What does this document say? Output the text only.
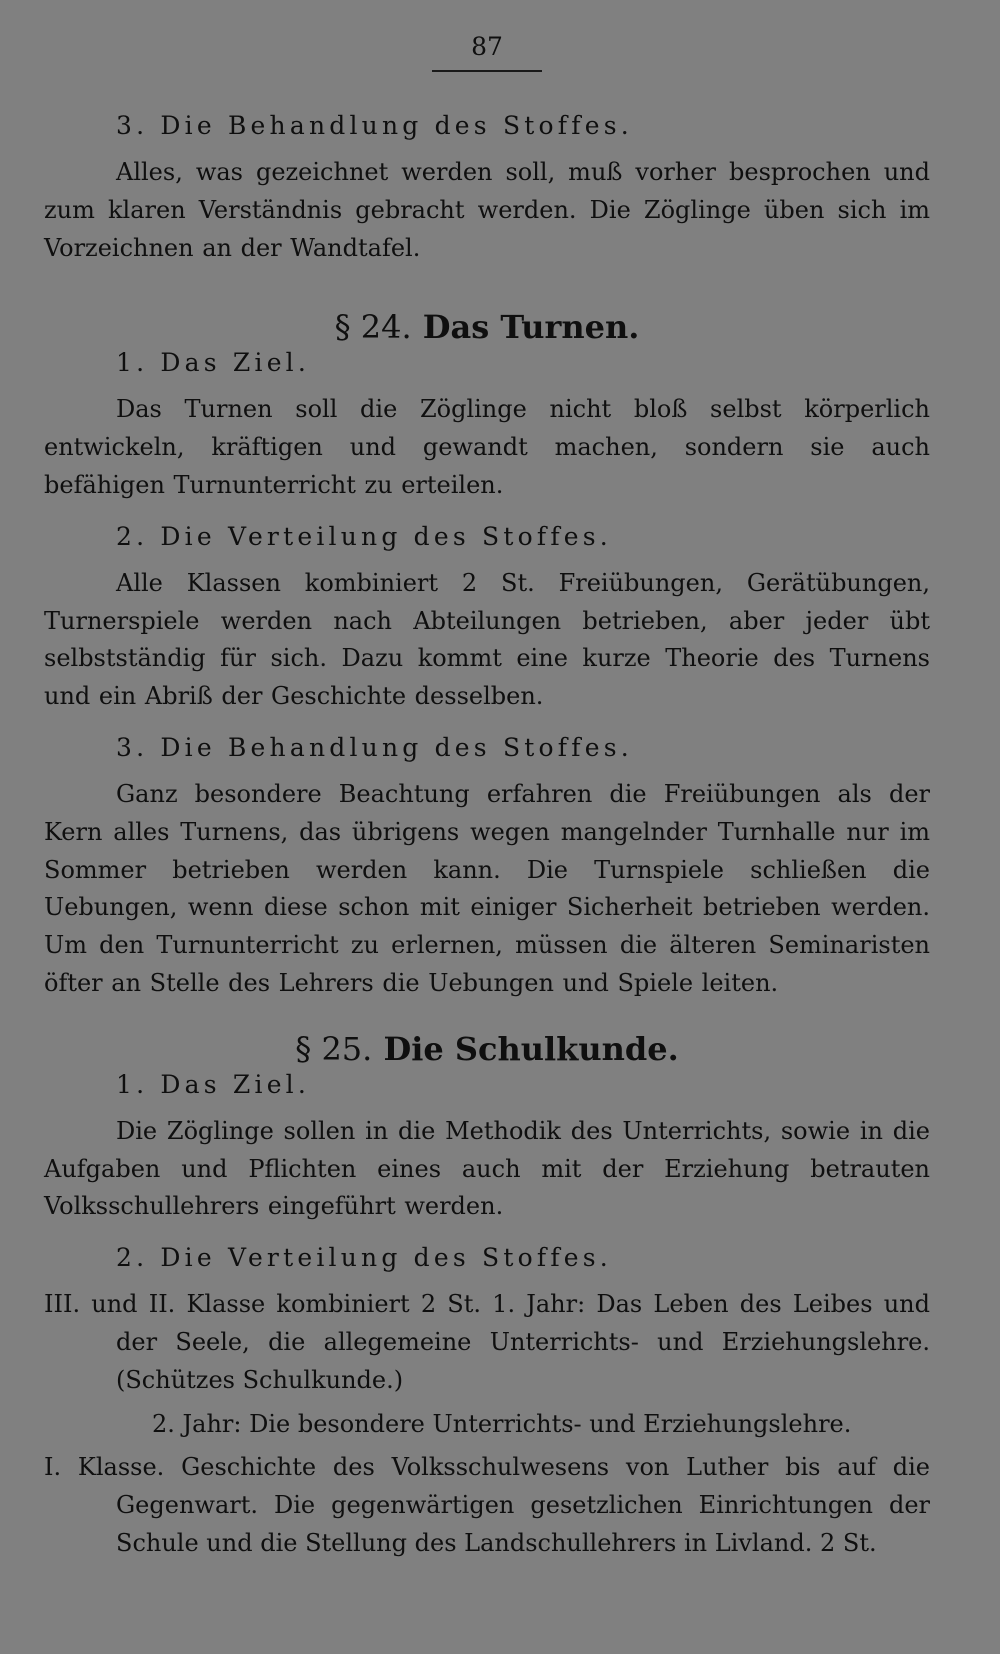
87
3. Die Behandlung des Stoffes.

Alles, was gezeichnet werden soll, muß vorher besprochen und zum klaren Verständnis gebracht werden. Die Zöglinge üben sich im Vorzeichnen an der Wandtafel.

§ 24. Das Turnen.
1. Das Ziel.

Das Turnen soll die Zöglinge nicht bloß selbst körperlich entwickeln, kräftigen und gewandt machen, sondern sie auch befähigen Turnunterricht zu erteilen.

2. Die Verteilung des Stoffes.

Alle Klassen kombiniert 2 St. Freiübungen, Gerätübungen, Turnerspiele werden nach Abteilungen betrieben, aber jeder übt selbstständig für sich. Dazu kommt eine kurze Theorie des Turnens und ein Abriß der Geschichte desselben.

3. Die Behandlung des Stoffes.

Ganz besondere Beachtung erfahren die Freiübungen als der Kern alles Turnens, das übrigens wegen mangelnder Turnhalle nur im Sommer betrieben werden kann. Die Turnspiele schließen die Uebungen, wenn diese schon mit einiger Sicherheit betrieben werden. Um den Turnunterricht zu erlernen, müssen die älteren Seminaristen öfter an Stelle des Lehrers die Uebungen und Spiele leiten.

§ 25. Die Schulkunde.
1. Das Ziel.

Die Zöglinge sollen in die Methodik des Unterrichts, sowie in die Aufgaben und Pflichten eines auch mit der Erziehung betrauten Volksschullehrers eingeführt werden.

2. Die Verteilung des Stoffes.

III. und II. Klasse kombiniert 2 St. 1. Jahr: Das Leben des Leibes und der Seele, die allegemeine Unterrichts- und Erziehungslehre. (Schützes Schulkunde.)

2. Jahr: Die besondere Unterrichts- und Erziehungslehre.

I. Klasse. Geschichte des Volksschulwesens von Luther bis auf die Gegenwart. Die gegenwärtigen gesetzlichen Einrichtungen der Schule und die Stellung des Landschullehrers in Livland. 2 St.
